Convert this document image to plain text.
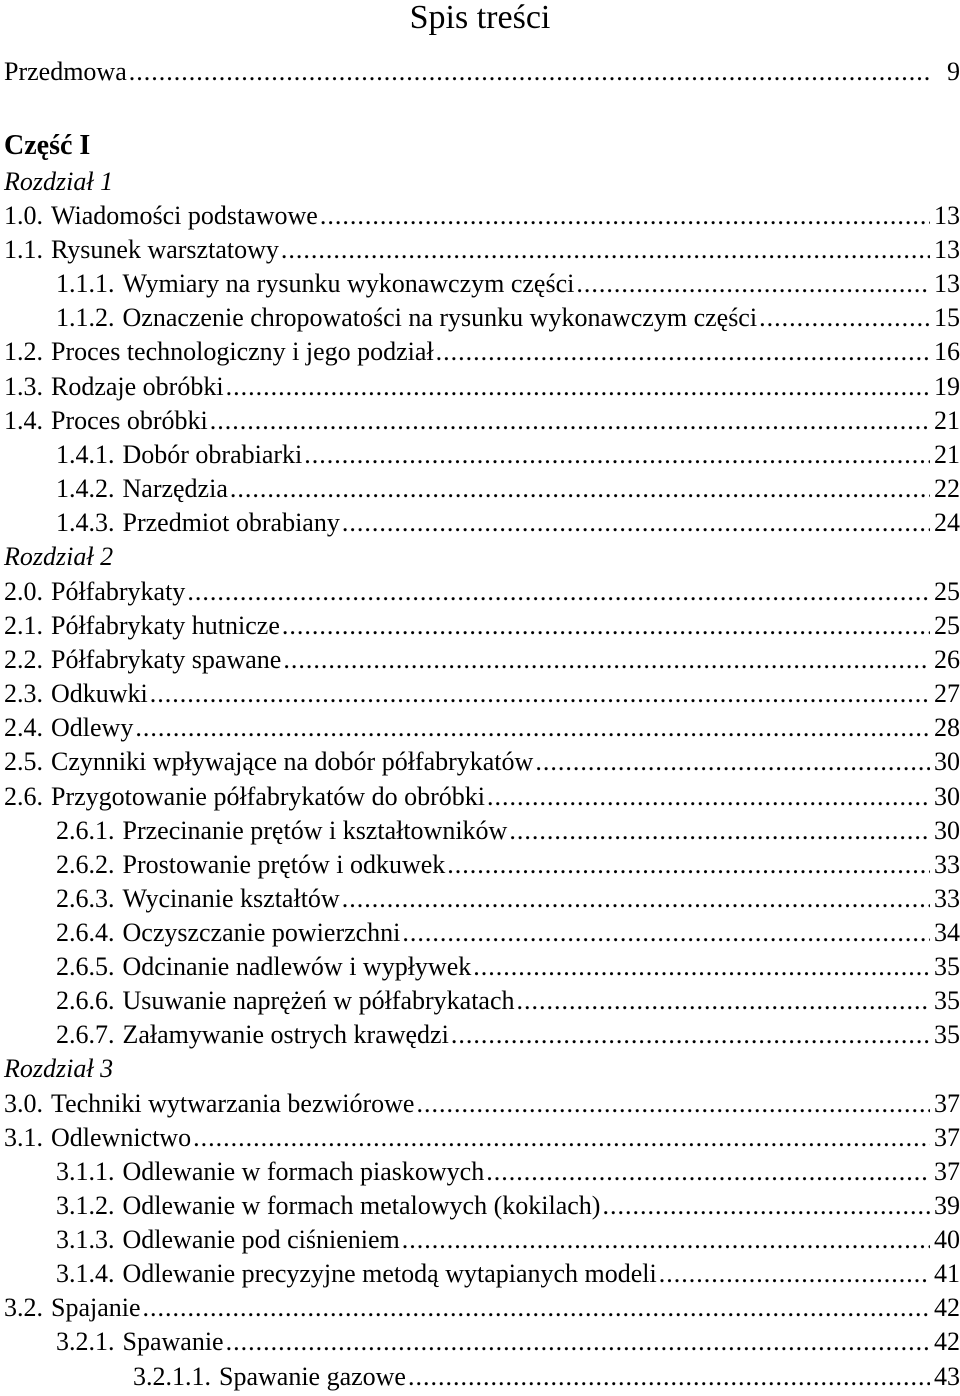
Spis treści
Przedmowa .....	9
Część I
Rozdział 1
1.0. Wiadomości podstawowe .....	13
1.1. Rysunek warsztatowy .....	13
1.1.1. Wymiary na rysunku wykonawczym części .....	13
1.1.2. Oznaczenie chropowatości na rysunku wykonawczym części .....	15
1.2. Proces technologiczny i jego podział .....	16
1.3. Rodzaje obróbki .....	19
1.4. Proces obróbki .....	21
1.4.1. Dobór obrabiarki .....	21
1.4.2. Narzędzia .....	22
1.4.3. Przedmiot obrabiany .....	24
Rozdział 2
2.0. Półfabrykaty .....	25
2.1. Półfabrykaty hutnicze .....	25
2.2. Półfabrykaty spawane .....	26
2.3. Odkuwki .....	27
2.4. Odlewy .....	28
2.5. Czynniki wpływające na dobór półfabrykatów .....	30
2.6. Przygotowanie półfabrykatów do obróbki .....	30
2.6.1. Przecinanie prętów i kształtowników .....	30
2.6.2. Prostowanie prętów i odkuwek .....	33
2.6.3. Wycinanie kształtów .....	33
2.6.4. Oczyszczanie powierzchni .....	34
2.6.5. Odcinanie nadlewów i wypływek .....	35
2.6.6. Usuwanie naprężeń w półfabrykatach .....	35
2.6.7. Załamywanie ostrych krawędzi .....	35
Rozdział 3
3.0. Techniki wytwarzania bezwiórowe .....	37
3.1. Odlewnictwo .....	37
3.1.1. Odlewanie w formach piaskowych .....	37
3.1.2. Odlewanie w formach metalowych (kokilach) .....	39
3.1.3. Odlewanie pod ciśnieniem .....	40
3.1.4. Odlewanie precyzyjne metodą wytapianych modeli .....	41
3.2. Spajanie .....	42
3.2.1. Spawanie .....	42
3.2.1.1. Spawanie gazowe .....	43
